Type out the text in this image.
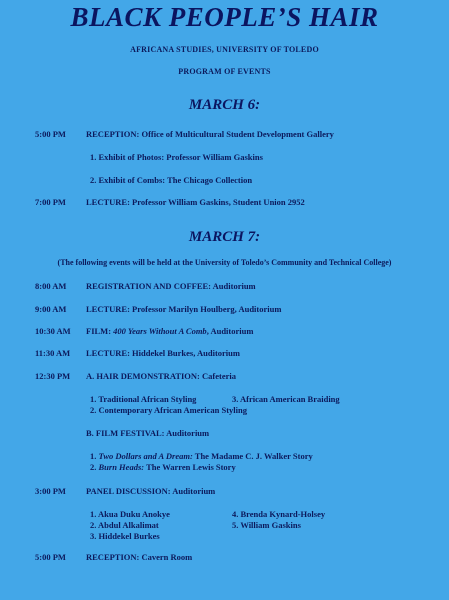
BLACK PEOPLE’S HAIR
AFRICANA STUDIES, UNIVERSITY OF TOLEDO
PROGRAM OF EVENTS
MARCH 6:
5:00 PM RECEPTION: Office of Multicultural Student Development Gallery
1. Exhibit of Photos: Professor William Gaskins
2. Exhibit of Combs: The Chicago Collection
7:00 PM LECTURE: Professor William Gaskins, Student Union 2952
MARCH 7:
(The following events will be held at the University of Toledo’s Community and Technical College)
8:00 AM REGISTRATION AND COFFEE: Auditorium
9:00 AM LECTURE: Professor Marilyn Houlberg, Auditorium
10:30 AM FILM: 400 Years Without A Comb, Auditorium
11:30 AM LECTURE: Hiddekel Burkes, Auditorium
12:30 PM A. HAIR DEMONSTRATION: Cafeteria
1. Traditional African Styling	3. African American Braiding
2. Contemporary African American Styling
B. FILM FESTIVAL: Auditorium
1. Two Dollars and A Dream: The Madame C. J. Walker Story
2. Burn Heads: The Warren Lewis Story
3:00 PM PANEL DISCUSSION: Auditorium
1. Akua Duku Anokye	4. Brenda Kynard-Holsey
2. Abdul Alkalimat	5. William Gaskins
3. Hiddekel Burkes
5:00 PM RECEPTION: Cavern Room
